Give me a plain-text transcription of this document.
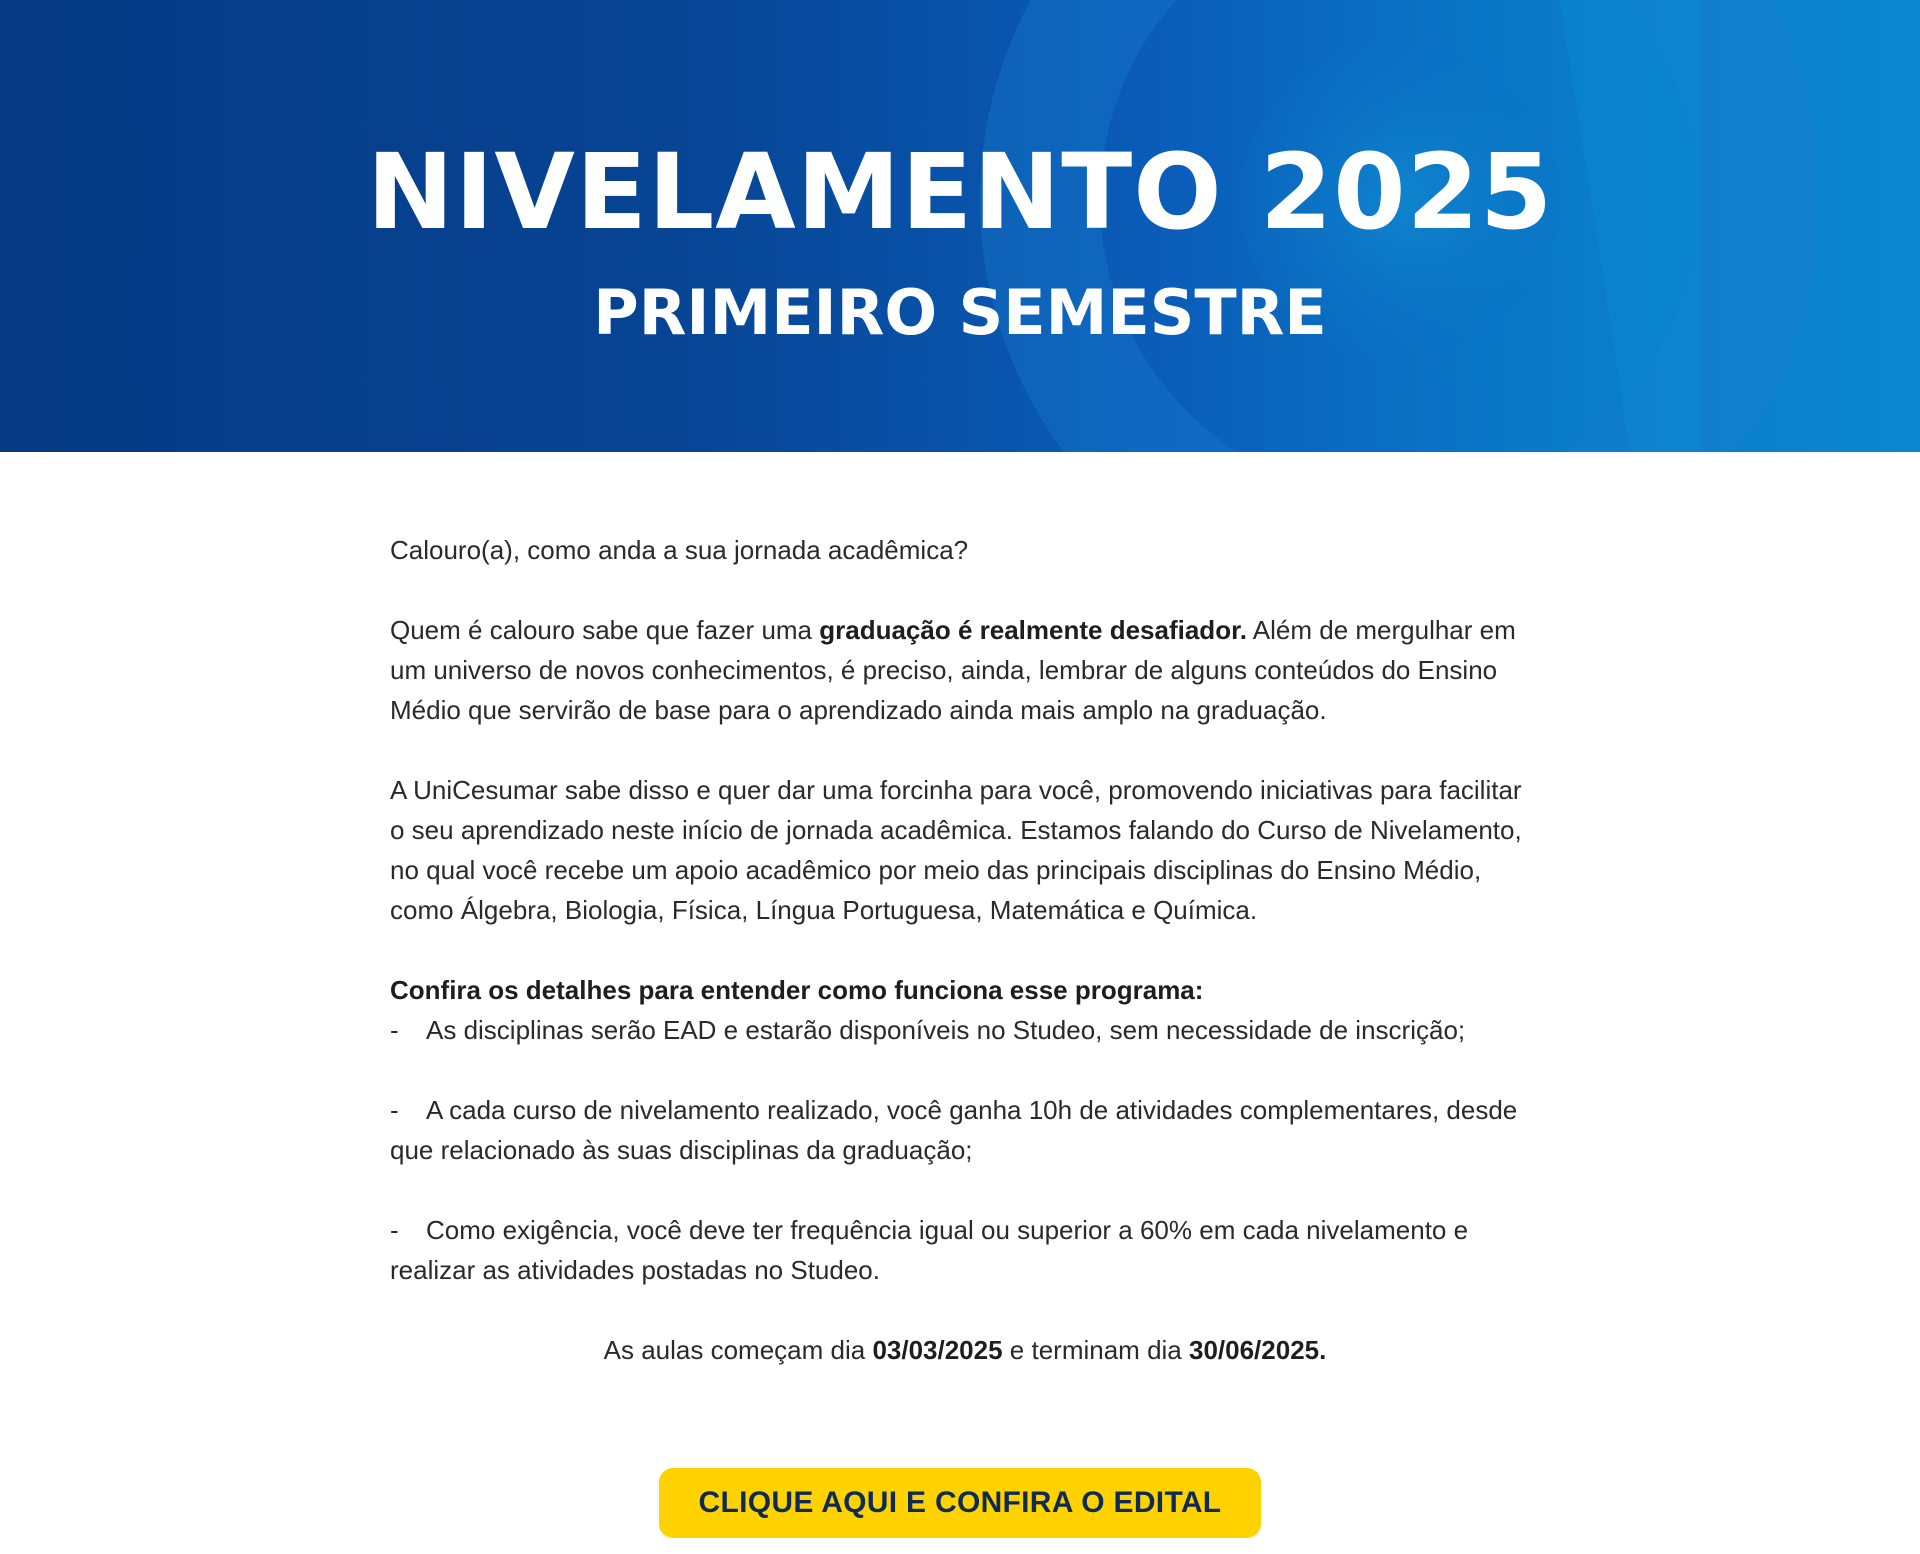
NIVELAMENTO 2025
PRIMEIRO SEMESTRE

Calouro(a), como anda a sua jornada acadêmica?

Quem é calouro sabe que fazer uma graduação é realmente desafiador. Além de mergulhar em um universo de novos conhecimentos, é preciso, ainda, lembrar de alguns conteúdos do Ensino Médio que servirão de base para o aprendizado ainda mais amplo na graduação.

A UniCesumar sabe disso e quer dar uma forcinha para você, promovendo iniciativas para facilitar o seu aprendizado neste início de jornada acadêmica. Estamos falando do Curso de Nivelamento, no qual você recebe um apoio acadêmico por meio das principais disciplinas do Ensino Médio, como Álgebra, Biologia, Física, Língua Portuguesa, Matemática e Química.

Confira os detalhes para entender como funciona esse programa:

- As disciplinas serão EAD e estarão disponíveis no Studeo, sem necessidade de inscrição;

- A cada curso de nivelamento realizado, você ganha 10h de atividades complementares, desde que relacionado às suas disciplinas da graduação;

- Como exigência, você deve ter frequência igual ou superior a 60% em cada nivelamento e realizar as atividades postadas no Studeo.

As aulas começam dia 03/03/2025 e terminam dia 30/06/2025.

CLIQUE AQUI E CONFIRA O EDITAL
